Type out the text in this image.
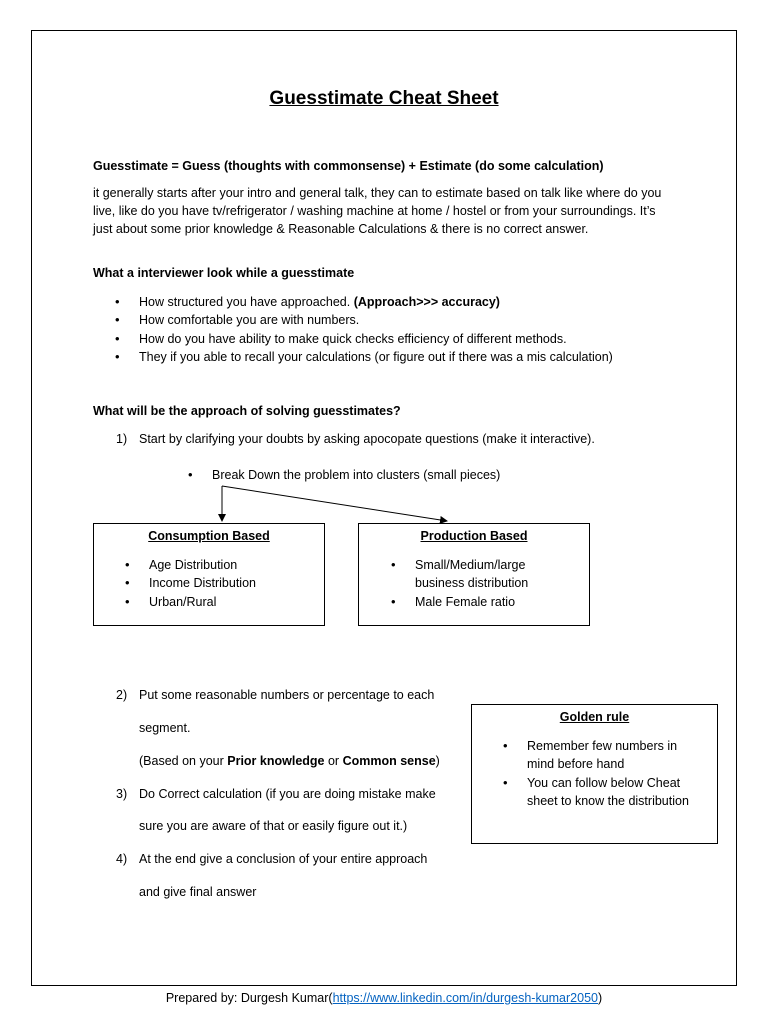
Guesstimate Cheat Sheet
Guesstimate = Guess (thoughts with commonsense) + Estimate (do some calculation)
it generally starts after your intro and general talk, they can to estimate based on talk like where do you live, like do you have tv/refrigerator / washing machine at home / hostel or from your surroundings. It’s just about some prior knowledge & Reasonable Calculations & there is no correct answer.
What a interviewer look while a guesstimate
• How structured you have approached. (Approach>>> accuracy)
• How comfortable you are with numbers.
• How do you have ability to make quick checks efficiency of different methods.
• They if you able to recall your calculations (or figure out if there was a mis calculation)
What will be the approach of solving guesstimates?
1) Start by clarifying your doubts by asking apocopate questions (make it interactive).
• Break Down the problem into clusters (small pieces)
Consumption Based
• Age Distribution
• Income Distribution
• Urban/Rural
Production Based
• Small/Medium/large business distribution
• Male Female ratio
2) Put some reasonable numbers or percentage to each
segment.
(Based on your Prior knowledge or Common sense)
3) Do Correct calculation (if you are doing mistake make
sure you are aware of that or easily figure out it.)
4) At the end give a conclusion of your entire approach
and give final answer
Golden rule
• Remember few numbers in mind before hand
• You can follow below Cheat sheet to know the distribution
Prepared by: Durgesh Kumar(https://www.linkedin.com/in/durgesh-kumar2050)
